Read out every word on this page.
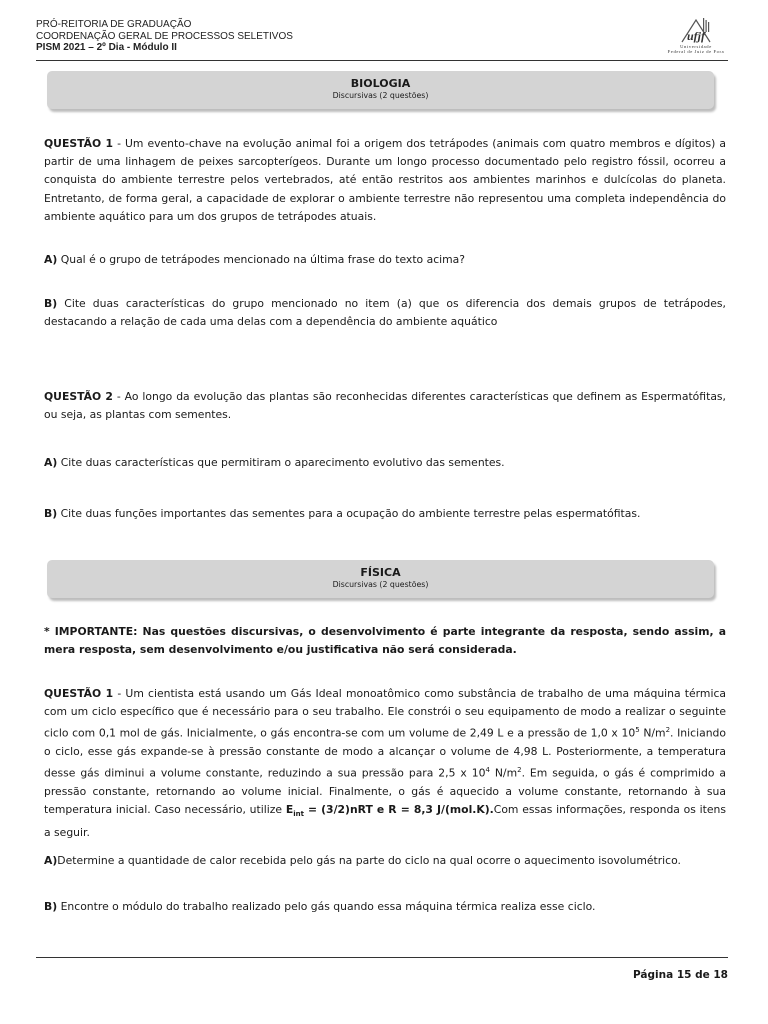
PRÓ-REITORIA DE GRADUAÇÃO
COORDENAÇÃO GERAL DE PROCESSOS SELETIVOS
PISM 2021 – 2º Dia - Módulo II
ufjf
Universidade
Federal de Juiz de Fora
BIOLOGIA
Discursivas (2 questões)
QUESTÃO 1 - Um evento-chave na evolução animal foi a origem dos tetrápodes (animais com quatro membros e dígitos) a partir de uma linhagem de peixes sarcopterígeos. Durante um longo processo documentado pelo registro fóssil, ocorreu a conquista do ambiente terrestre pelos vertebrados, até então restritos aos ambientes marinhos e dulcícolas do planeta. Entretanto, de forma geral, a capacidade de explorar o ambiente terrestre não representou uma completa independência do ambiente aquático para um dos grupos de tetrápodes atuais.
A) Qual é o grupo de tetrápodes mencionado na última frase do texto acima?
B) Cite duas características do grupo mencionado no item (a) que os diferencia dos demais grupos de tetrápodes, destacando a relação de cada uma delas com a dependência do ambiente aquático
QUESTÃO 2 - Ao longo da evolução das plantas são reconhecidas diferentes características que definem as Espermatófitas, ou seja, as plantas com sementes.
A) Cite duas características que permitiram o aparecimento evolutivo das sementes.
B) Cite duas funções importantes das sementes para a ocupação do ambiente terrestre pelas espermatófitas.
FÍSICA
Discursivas (2 questões)
* IMPORTANTE: Nas questões discursivas, o desenvolvimento é parte integrante da resposta, sendo assim, a mera resposta, sem desenvolvimento e/ou justificativa não será considerada.
QUESTÃO 1 - Um cientista está usando um Gás Ideal monoatômico como substância de trabalho de uma máquina térmica com um ciclo específico que é necessário para o seu trabalho. Ele constrói o seu equipamento de modo a realizar o seguinte ciclo com 0,1 mol de gás. Inicialmente, o gás encontra-se com um volume de 2,49 L e a pressão de 1,0 x $10^5$ $N/m^2$. Iniciando o ciclo, esse gás expande-se à pressão constante de modo a alcançar o volume de 4,98 L. Posteriormente, a temperatura desse gás diminui a volume constante, reduzindo a sua pressão para 2,5 x $10^4$ $N/m^2$. Em seguida, o gás é comprimido a pressão constante, retornando ao volume inicial. Finalmente, o gás é aquecido a volume constante, retornando à sua temperatura inicial. Caso necessário, utilize $E_{int} = (3/2)nRT$ e R = 8,3 J/(mol.K).Com essas informações, responda os itens a seguir.
A)Determine a quantidade de calor recebida pelo gás na parte do ciclo na qual ocorre o aquecimento isovolumétrico.
B) Encontre o módulo do trabalho realizado pelo gás quando essa máquina térmica realiza esse ciclo.
Página 15 de 18
